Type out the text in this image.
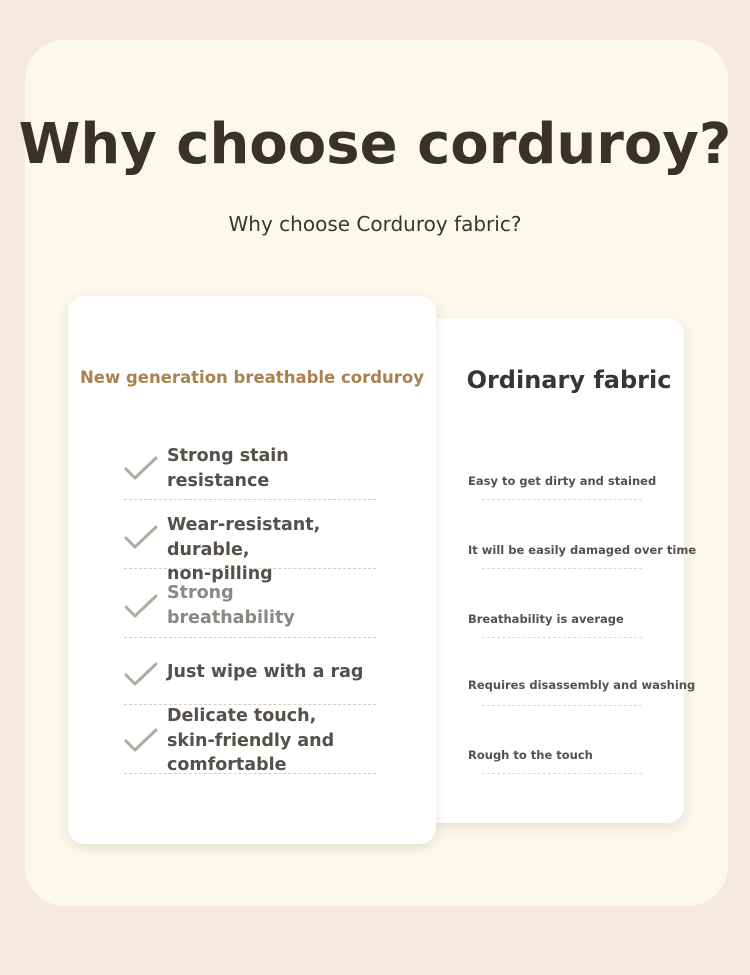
Why choose corduroy?
Why choose Corduroy fabric?
Ordinary fabric
Easy to get dirty and stained
It will be easily damaged over time
Breathability is average
Requires disassembly and washing
Rough to the touch
New generation breathable corduroy
Strong stain
resistance
Wear-resistant, durable,
non-pilling
Strong
breathability
Just wipe with a rag
Delicate touch,
skin-friendly and
comfortable
